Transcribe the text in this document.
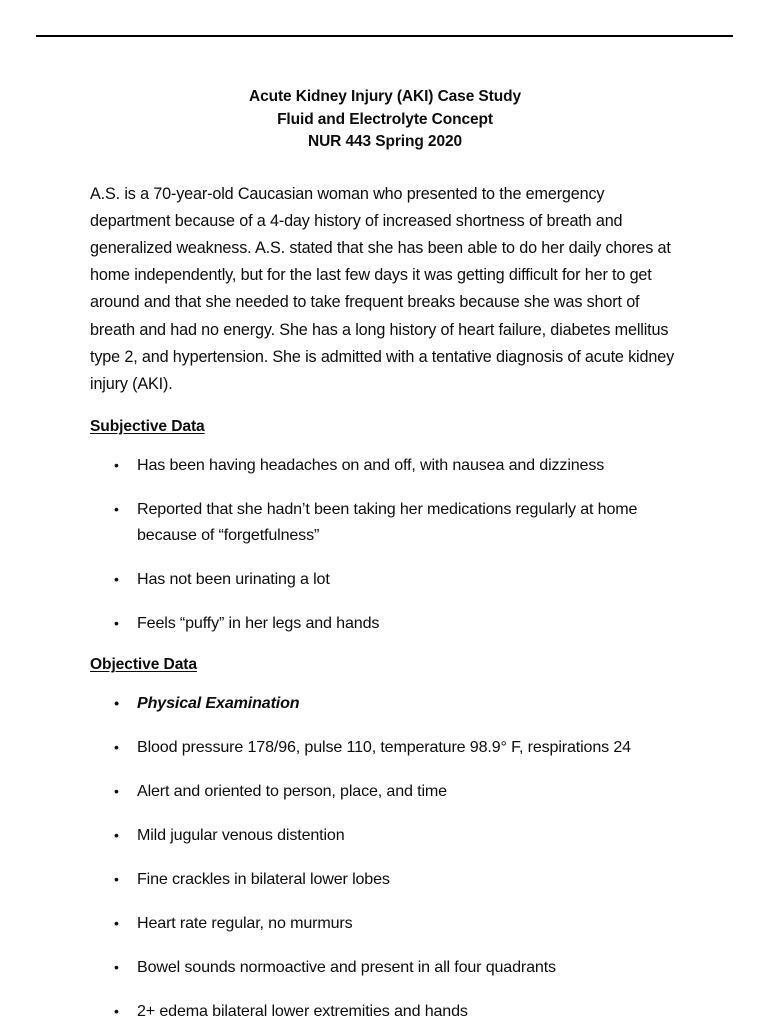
Acute Kidney Injury (AKI) Case Study
Fluid and Electrolyte Concept
NUR 443 Spring 2020

A.S. is a 70-year-old Caucasian woman who presented to the emergency department because of a 4-day history of increased shortness of breath and generalized weakness. A.S. stated that she has been able to do her daily chores at home independently, but for the last few days it was getting difficult for her to get around and that she needed to take frequent breaks because she was short of breath and had no energy. She has a long history of heart failure, diabetes mellitus type 2, and hypertension. She is admitted with a tentative diagnosis of acute kidney injury (AKI).

Subjective Data
•	Has been having headaches on and off, with nausea and dizziness
•	Reported that she hadn’t been taking her medications regularly at home because of “forgetfulness”
•	Has not been urinating a lot
•	Feels “puffy” in her legs and hands
Objective Data
•	Physical Examination
•	Blood pressure 178/96, pulse 110, temperature 98.9° F, respirations 24
•	Alert and oriented to person, place, and time
•	Mild jugular venous distention
•	Fine crackles in bilateral lower lobes
•	Heart rate regular, no murmurs
•	Bowel sounds normoactive and present in all four quadrants
•	2+ edema bilateral lower extremities and hands
